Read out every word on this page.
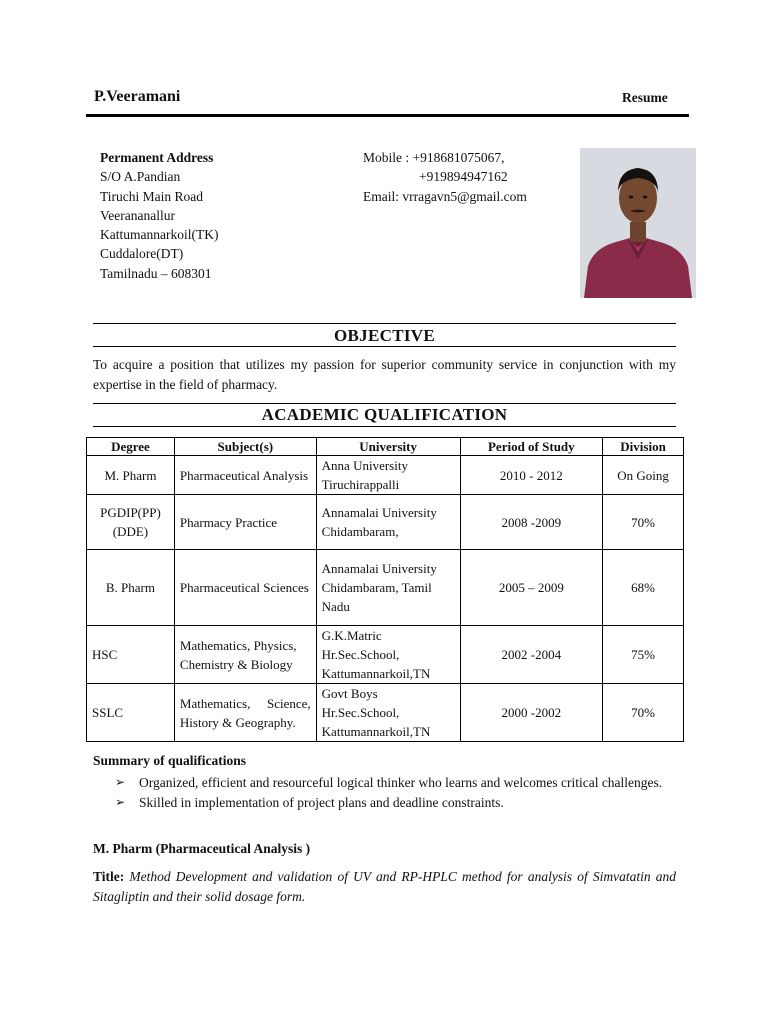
P.Veeramani	Resume
Permanent Address
S/O A.Pandian
Tiruchi Main Road
Veerananallur
Kattumannarkoil(TK)
Cuddalore(DT)
Tamilnadu – 608301
Mobile : +918681075067,
+919894947162
Email: vrragavn5@gmail.com
OBJECTIVE
To acquire a position that utilizes my passion for superior community service in conjunction with my expertise in the field of pharmacy.
ACADEMIC QUALIFICATION
Degree	Subject(s)	University	Period of Study	Division
M. Pharm	Pharmaceutical Analysis	Anna University Tiruchirappalli	2010 - 2012	On Going
PGDIP(PP) (DDE)	Pharmacy Practice	Annamalai University Chidambaram,	2008 -2009	70%
B. Pharm	Pharmaceutical Sciences	Annamalai University Chidambaram, Tamil Nadu	2005 – 2009	68%
HSC	Mathematics, Physics, Chemistry & Biology	G.K.Matric Hr.Sec.School, Kattumannarkoil,TN	2002 -2004	75%
SSLC	Mathematics, Science, History & Geography.	Govt Boys Hr.Sec.School, Kattumannarkoil,TN	2000 -2002	70%
Summary of qualifications
➢	Organized, efficient and resourceful logical thinker who learns and welcomes critical challenges.
➢	Skilled in implementation of project plans and deadline constraints.
M. Pharm (Pharmaceutical Analysis )
Title: Method Development and validation of UV and RP-HPLC method for analysis of Simvatatin and Sitagliptin and their solid dosage form.
